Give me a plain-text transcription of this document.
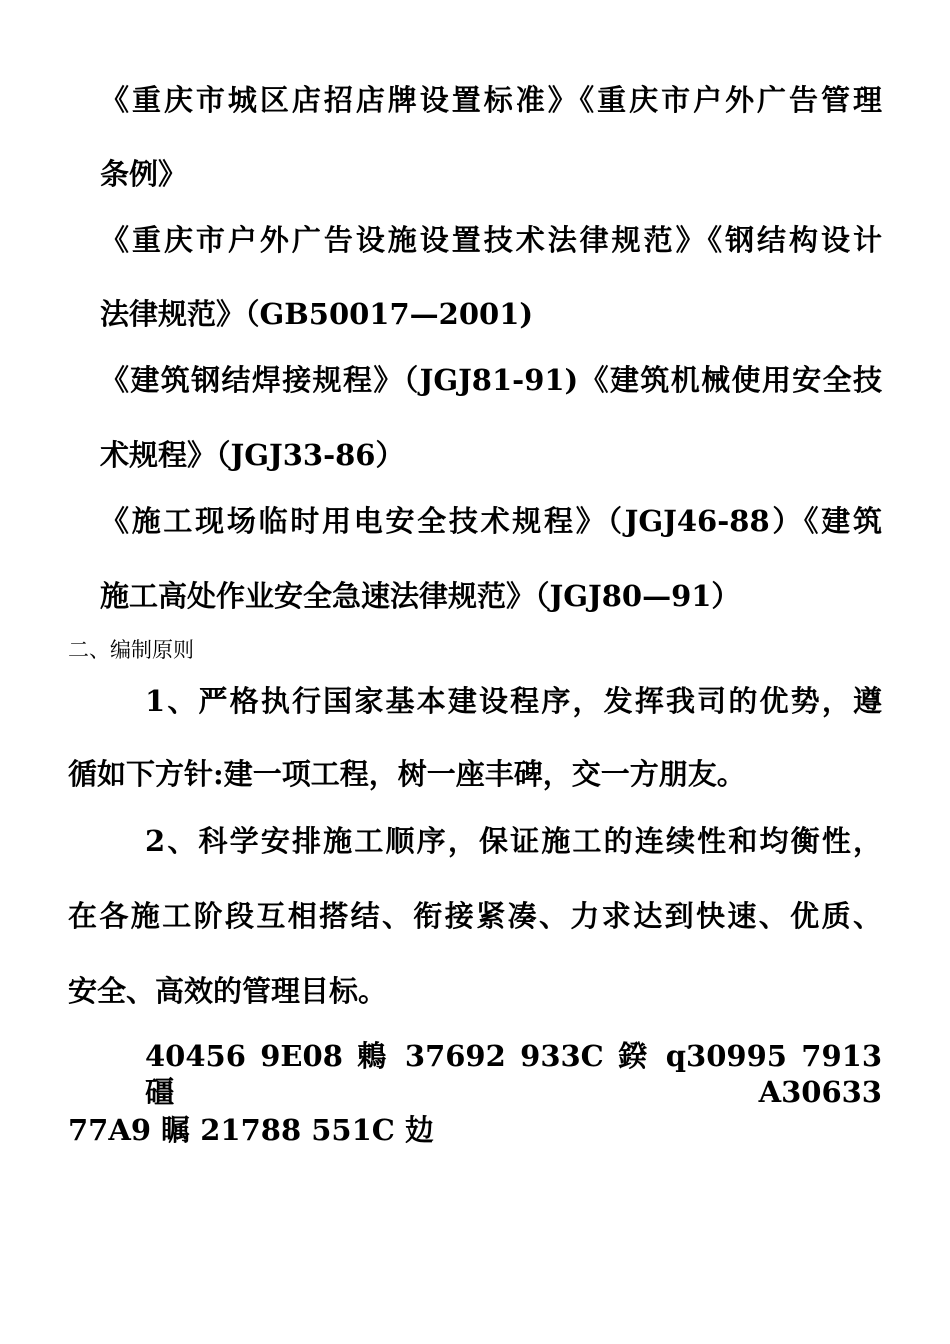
《重庆市城区店招店牌设置标准》《重庆市户外广告管理
条例》
《重庆市户外广告设施设置技术法律规范》《钢结构设计
法律规范》（GB50017—2001)
《建筑钢结焊接规程》（JGJ81-91)《建筑机械使用安全技
术规程》（JGJ33-86）
《施工现场临时用电安全技术规程》（JGJ46-88）《建筑
施工高处作业安全急速法律规范》（JGJ80—91）
二、编制原则
1、严格执行国家基本建设程序，发挥我司的优势，遵
循如下方针:建一项工程，树一座丰碑，交一方朋友。
2、科学安排施工顺序，保证施工的连续性和均衡性，
在各施工阶段互相搭结、衔接紧凑、力求达到快速、优质、
安全、高效的管理目标。
40456 9E08 鶇 37692 933C 鍨 q30995 7913 礓 A30633
77A9 瞩 21788 551C 攰
